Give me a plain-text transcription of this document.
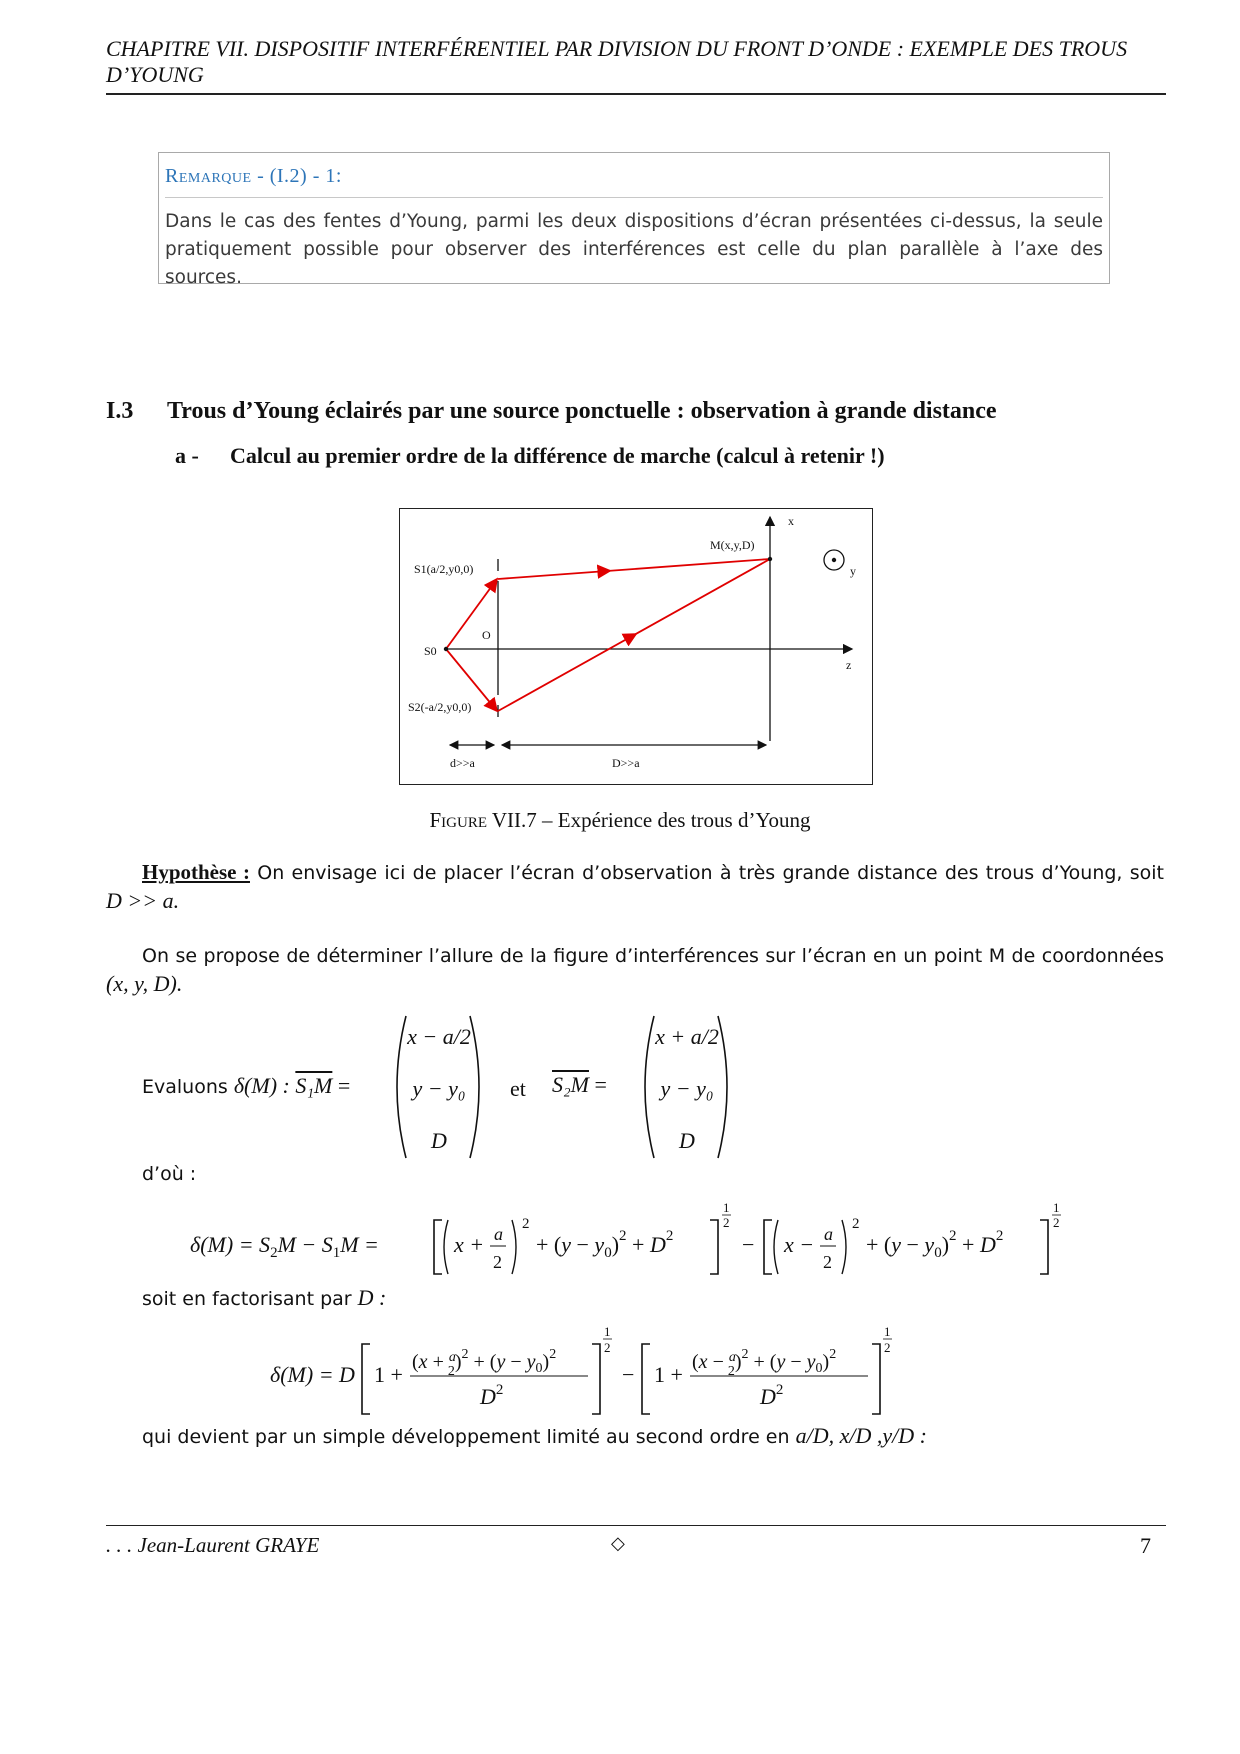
CHAPITRE VII. DISPOSITIF INTERFÉRENTIEL PAR DIVISION DU FRONT D’ONDE : EXEMPLE DES TROUS D’YOUNG
Remarque - (I.2) - 1:
Dans le cas des fentes d’Young, parmi les deux dispositions d’écran présentées ci-dessus, la seule pratiquement possible pour observer des interférences est celle du plan parallèle à l’axe des sources.
I.3 Trous d’Young éclairés par une source ponctuelle : observation à grande distance
a - Calcul au premier ordre de la différence de marche (calcul à retenir !)
x
y
z
O
M(x,y,D)
S1(a/2,y0,0)
S2(-a/2,y0,0)
S0
d>>a	D>>a
Figure VII.7 – Expérience des trous d’Young
Hypothèse : On envisage ici de placer l’écran d’observation à très grande distance des trous d’Young, soit D >> a.
On se propose de déterminer l’allure de la figure d’interférences sur l’écran en un point M de coordonnées (x, y, D).
Evaluons δ(M) : S₁M =
x − a/2
y − y₀
D
et S₂M =
x + a/2
y − y₀
D
d’où :
$\delta(M) = S_2M - S_1M$ =	x + a
2
2
+ $(y - y_0)^2 + D^2$
1
2
− x − a
2
2
+ $(y - y_0)^2 + D^2$
1
2
soit en factorisant par D :
δ(M) = D 1 + (x + $^a$ $2)^2 + (y - y_0)^2$
$D^2$
1
2
− 1 + (x − $^a$ $2)^2 + (y - y_0)^2$
$D^2$
1
2
qui devient par un simple développement limité au second ordre en a/D, x/D ,y/D :
. . . Jean-Laurent GRAYE	◇	7
